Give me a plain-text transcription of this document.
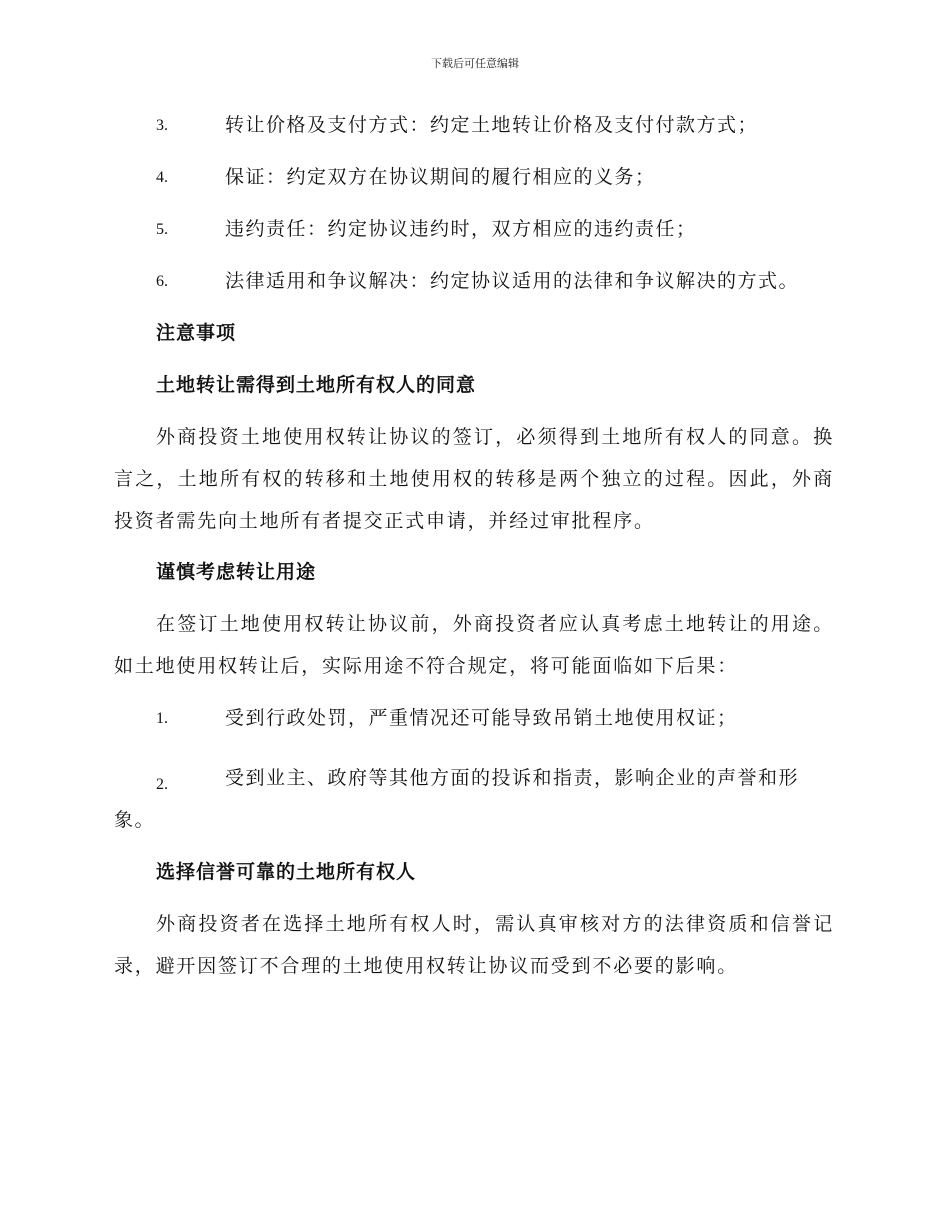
下载后可任意编辑
3.	转让价格及支付方式：约定土地转让价格及支付付款方式；
4.	保证：约定双方在协议期间的履行相应的义务；
5.	违约责任：约定协议违约时，双方相应的违约责任；
6.	法律适用和争议解决：约定协议适用的法律和争议解决的方式。
注意事项
土地转让需得到土地所有权人的同意
外商投资土地使用权转让协议的签订，必须得到土地所有权人的同意。换言之，土地所有权的转移和土地使用权的转移是两个独立的过程。因此，外商投资者需先向土地所有者提交正式申请，并经过审批程序。
谨慎考虑转让用途
在签订土地使用权转让协议前，外商投资者应认真考虑土地转让的用途。如土地使用权转让后，实际用途不符合规定，将可能面临如下后果：
1.	受到行政处罚，严重情况还可能导致吊销土地使用权证；
2.	受到业主、政府等其他方面的投诉和指责，影响企业的声誉和形象。
选择信誉可靠的土地所有权人
外商投资者在选择土地所有权人时，需认真审核对方的法律资质和信誉记录，避开因签订不合理的土地使用权转让协议而受到不必要的影响。
